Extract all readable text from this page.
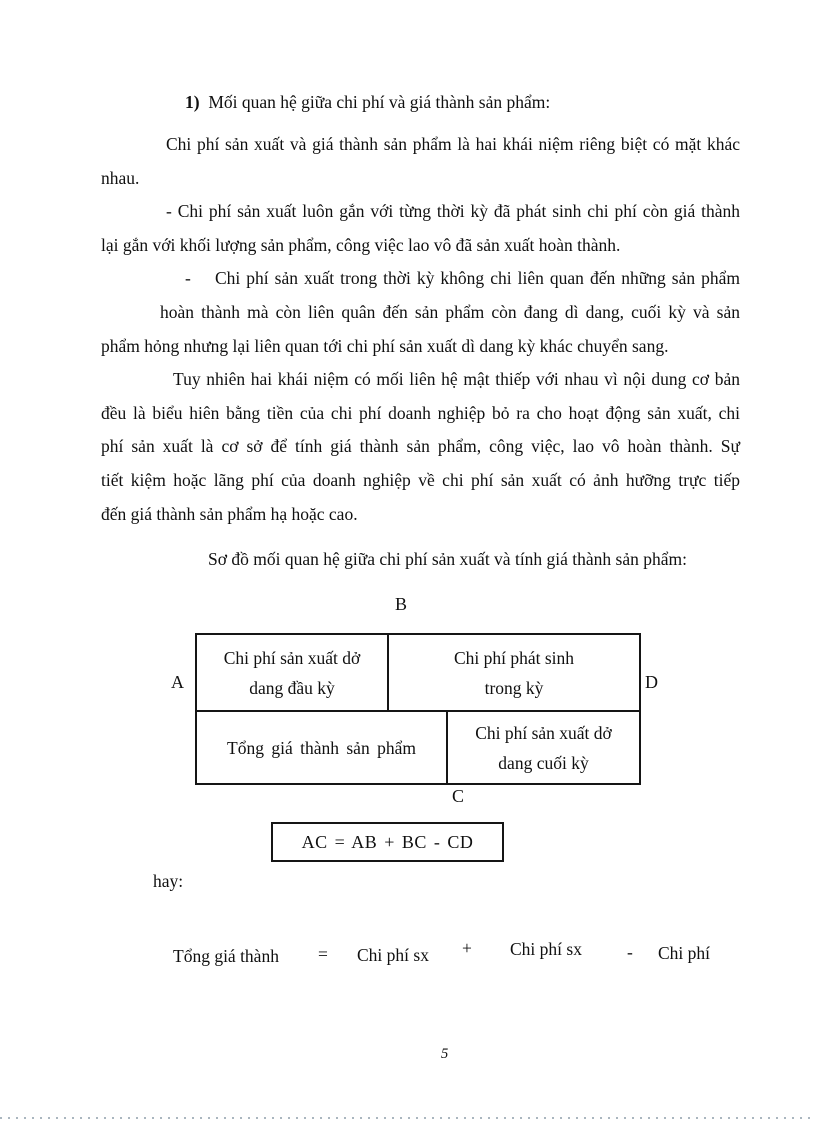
1)  Mối quan hệ giữa chi phí và giá thành sản phẩm:
Chi phí sản xuất và giá thành sản phẩm là hai khái niệm riêng biệt có mặt khác
nhau.
- Chi phí sản xuất luôn gắn với từng thời kỳ đã phát sinh chi phí còn giá thành
lại gắn với khối lượng sản phẩm, công việc lao vô đã sản xuất hoàn thành.
-    Chi phí sản xuất trong thời kỳ không chi liên quan đến những sản phẩm
hoàn thành mà còn liên quân đến sản phẩm còn đang dì dang, cuối kỳ và sản
phẩm hỏng nhưng lại liên quan tới chi phí sản xuất dì dang kỳ khác chuyển sang.
Tuy nhiên hai khái niệm có mối liên hệ mật thiếp với nhau vì nội dung cơ bản
đều là biểu hiên bằng tiền của chi phí doanh nghiệp bỏ ra cho hoạt động sản xuất, chi
phí sản xuất là cơ sở để tính giá thành sản phẩm, công việc, lao vô hoàn thành. Sự
tiết kiệm hoặc lãng phí của doanh nghiệp về chi phí sản xuất có ảnh hưỡng trực tiếp
đến giá thành sản phẩm hạ hoặc cao.
Sơ đồ mối quan hệ giữa chi phí sản xuất và tính giá thành sản phẩm:
B
A	D
C
Chi phí sản xuất dở
dang đầu kỳ
Chi phí phát sinh
trong kỳ
Tổng giá thành sản phẩm
Chi phí sản xuất dở
dang cuối kỳ
AC = AB + BC - CD
hay:
Tổng giá thành = Chi phí sx + Chi phí sx	- Chi phí
5
